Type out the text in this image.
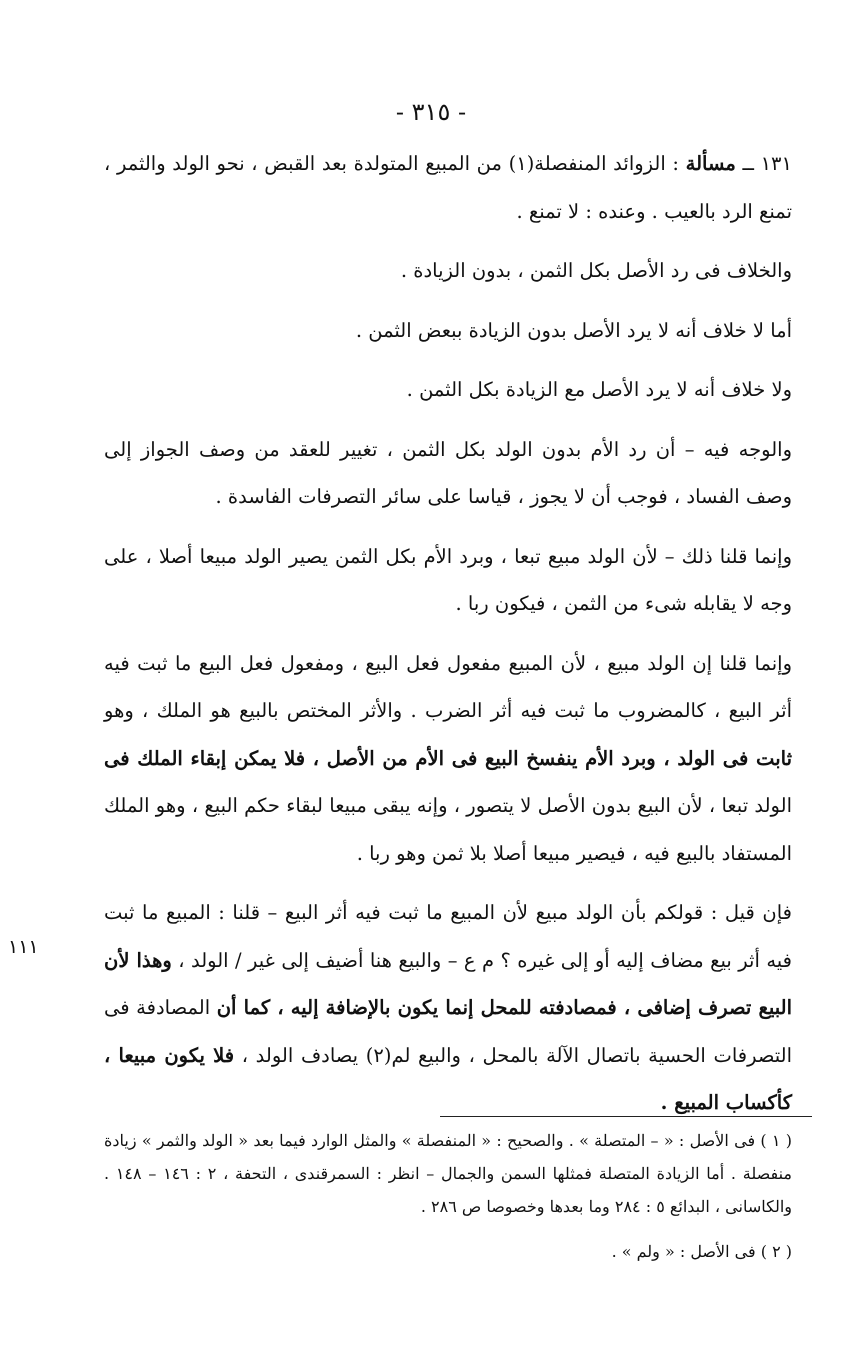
- ٣١٥ -
١١١

١٣١ ــ مسألة : الزوائد المنفصلة(١) من المبيع المتولدة بعد القبض ، نحو الولد والثمر ، تمنع الرد بالعيب . وعنده : لا تمنع .

والخلاف فى رد الأصل بكل الثمن ، بدون الزيادة .

أما لا خلاف أنه لا يرد الأصل بدون الزيادة ببعض الثمن .

ولا خلاف أنه لا يرد الأصل مع الزيادة بكل الثمن .

والوجه فيه – أن رد الأم بدون الولد بكل الثمن ، تغيير للعقد من وصف الجواز إلى وصف الفساد ، فوجب أن لا يجوز ، قياسا على سائر التصرفات الفاسدة .

وإنما قلنا ذلك – لأن الولد مبيع تبعا ، وبرد الأم بكل الثمن يصير الولد مبيعا أصلا ، على وجه لا يقابله شىء من الثمن ، فيكون ربا .

وإنما قلنا إن الولد مبيع ، لأن المبيع مفعول فعل البيع ، ومفعول فعل البيع ما ثبت فيه أثر البيع ، كالمضروب ما ثبت فيه أثر الضرب . والأثر المختص بالبيع هو الملك ، وهو ثابت فى الولد ، وبرد الأم ينفسخ البيع فى الأم من الأصل ، فلا يمكن إبقاء الملك فى الولد تبعا ، لأن البيع بدون الأصل لا يتصور ، وإنه يبقى مبيعا لبقاء حكم البيع ، وهو الملك المستفاد بالبيع فيه ، فيصير مبيعا أصلا بلا ثمن وهو ربا .

فإن قيل : قولكم بأن الولد مبيع لأن المبيع ما ثبت فيه أثر البيع – قلنا : المبيع ما ثبت فيه أثر بيع مضاف إليه أو إلى غيره ؟ م ع – والبيع هنا أضيف إلى غير / الولد ، وهذا لأن البيع تصرف إضافى ، فمصادفته للمحل إنما يكون بالإضافة إليه ، كما أن المصادفة فى التصرفات الحسية باتصال الآلة بالمحل ، والبيع لم(٢) يصادف الولد ، فلا يكون مبيعا ، كأكساب المبيع .

( ١ ) فى الأصل : « – المتصلة » . والصحيح : « المنفصلة » والمثل الوارد فيما بعد « الولد والثمر » زيادة منفصلة . أما الزيادة المتصلة فمثلها السمن والجمال – انظر : السمرقندى ، التحفة ، ٢ : ١٤٦ – ١٤٨ . والكاسانى ، البدائع ٥ : ٢٨٤ وما بعدها وخصوصا ص ٢٨٦ .

( ٢ ) فى الأصل : « ولم » .
